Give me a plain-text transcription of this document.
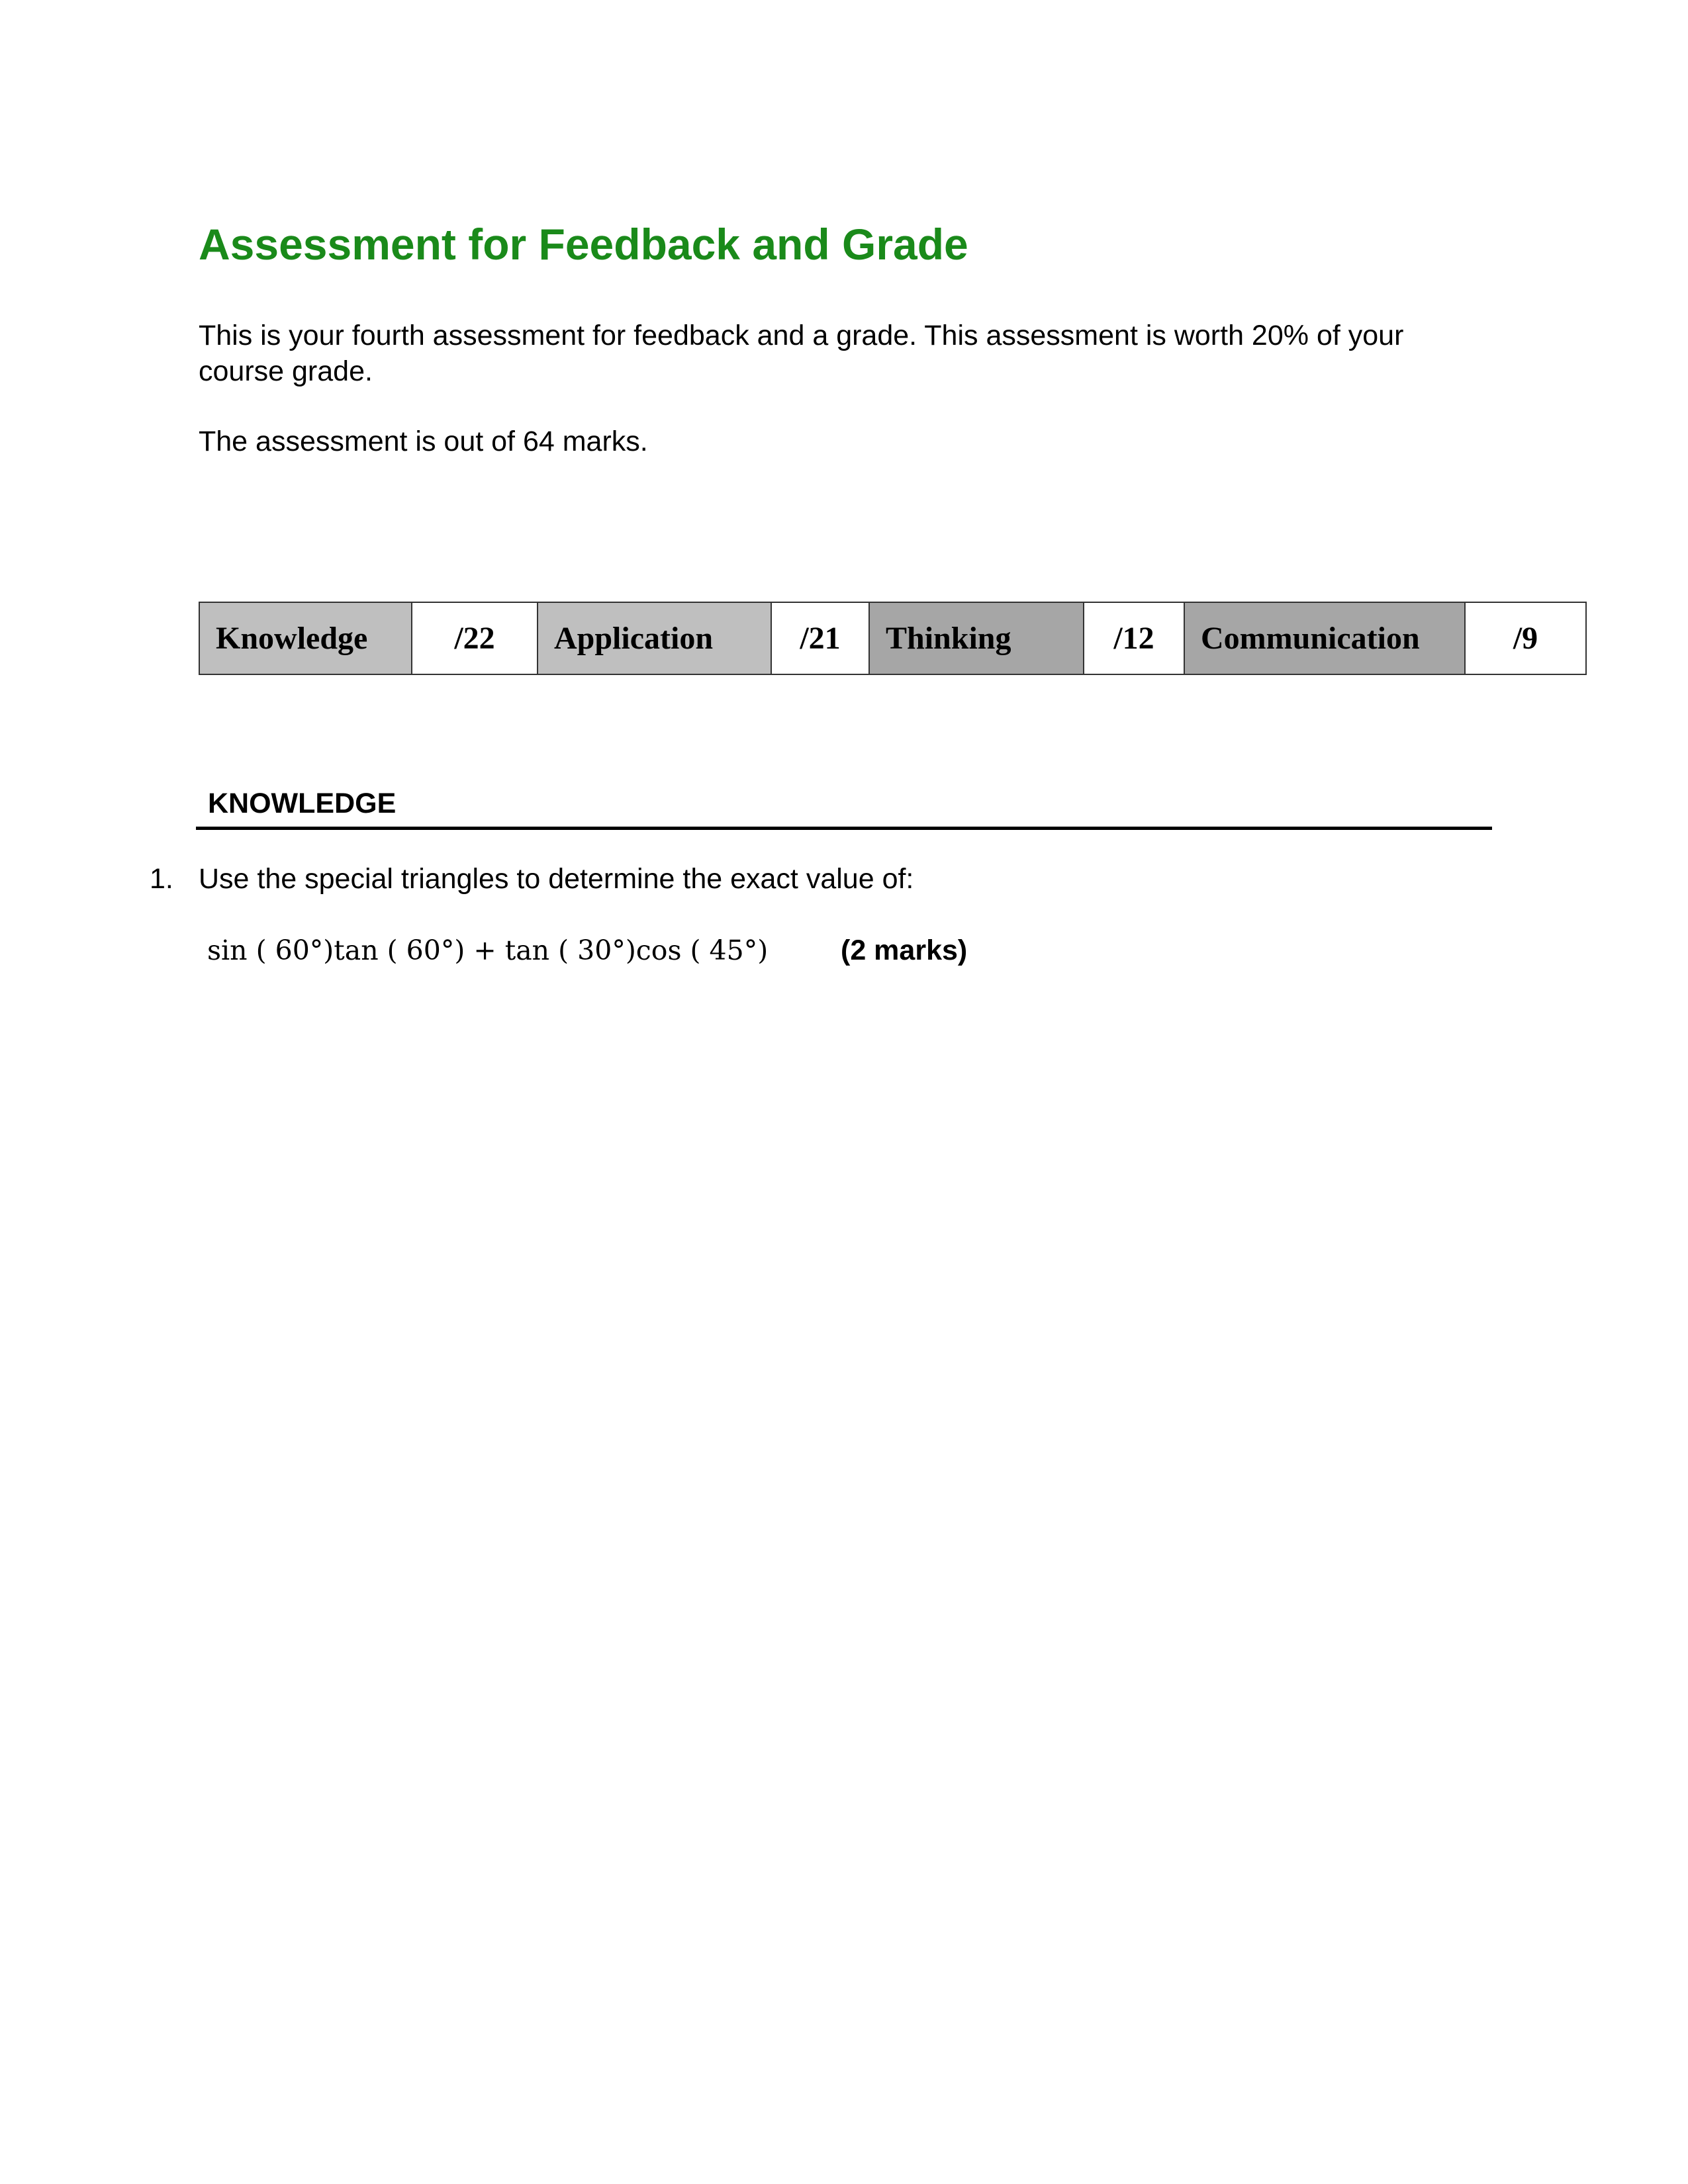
Assessment for Feedback and Grade

This is your fourth assessment for feedback and a grade. This assessment is worth 20% of your course grade.

The assessment is out of 64 marks.

Knowledge	/22	Application	/21	Thinking	/12	Communication	/9
KNOWLEDGE
1. Use the special triangles to determine the exact value of:
sin ( 60°)tan ( 60°) + tan ( 30°)cos ( 45°)	(2 marks)
